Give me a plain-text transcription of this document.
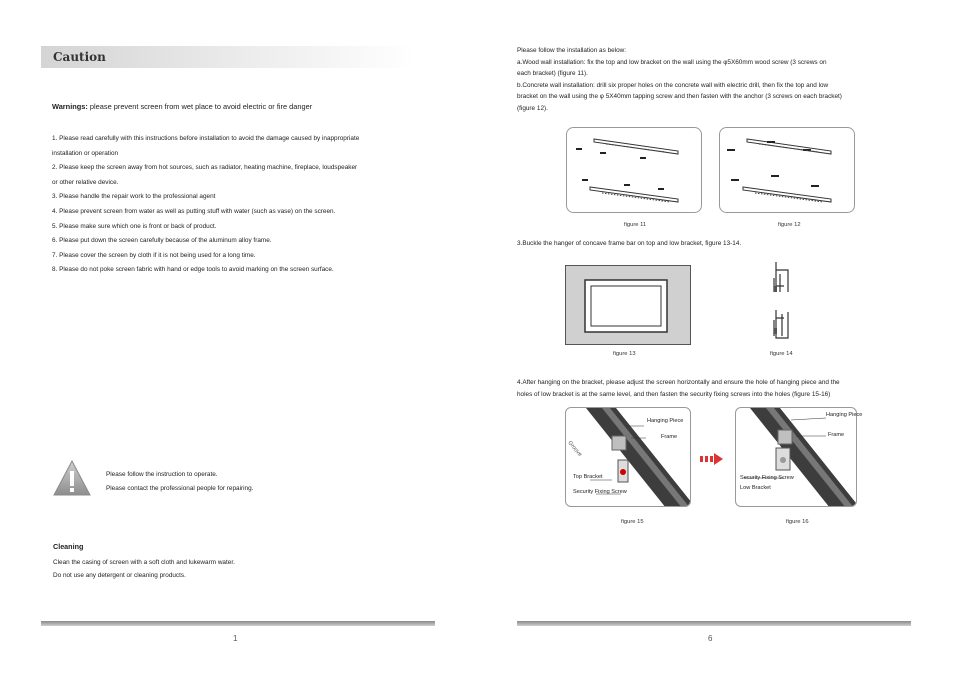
Caution
Warnings: please prevent screen from wet place to avoid electric or fire danger
1. Please read carefully with this instructions before installation to avoid the damage caused by inappropriate
installation or operation
2. Please keep the screen away from hot sources, such as radiator, heating machine, fireplace, loudspeaker
or other relative device.
3. Please handle the repair work to the professional agent
4. Please prevent screen from water as well as putting stuff with water (such as vase) on the screen.
5. Please make sure which one is front or back of product.
6. Please put down the screen carefully because of the aluminum alloy frame.
7. Please cover the screen by cloth if it is not being used for a long time.
8. Please do not poke screen fabric with hand or edge tools to avoid marking on the screen surface.
Please follow the instruction to operate.
Please contact the professional people for repairing.
Cleaning
Clean the casing of screen with a soft cloth and lukewarm water.
Do not use any detergent or cleaning products.
1
Please follow the installation as below:
a.Wood wall installation: fix the top and low bracket on the wall using the φ5X60mm wood screw (3 screws on
each bracket) (figure 11).
b.Concrete wall installation: drill six proper holes on the concrete wall with electric drill, then fix the top and low
bracket on the wall using the φ 5X40mm tapping screw and then fasten with the anchor (3 screws on each bracket)
(figure 12).
figure 11	figure 12
3.Buckle the hanger of concave frame bar on top and low bracket, figure 13-14.
figure 13	figure 14
4.After hanging on the bracket, please adjust the screen horizontally and ensure the hole of hanging piece and the
holes of low bracket is at the same level, and then fasten the security fixing screws into the holes (figure 15-16)
Hanging Piece
Frame
Groove
Top Bracket
Security Fixing Screw
figure 15
Hanging Piece
Frame
Security Fixing Screw
Low Bracket
figure 16
6
